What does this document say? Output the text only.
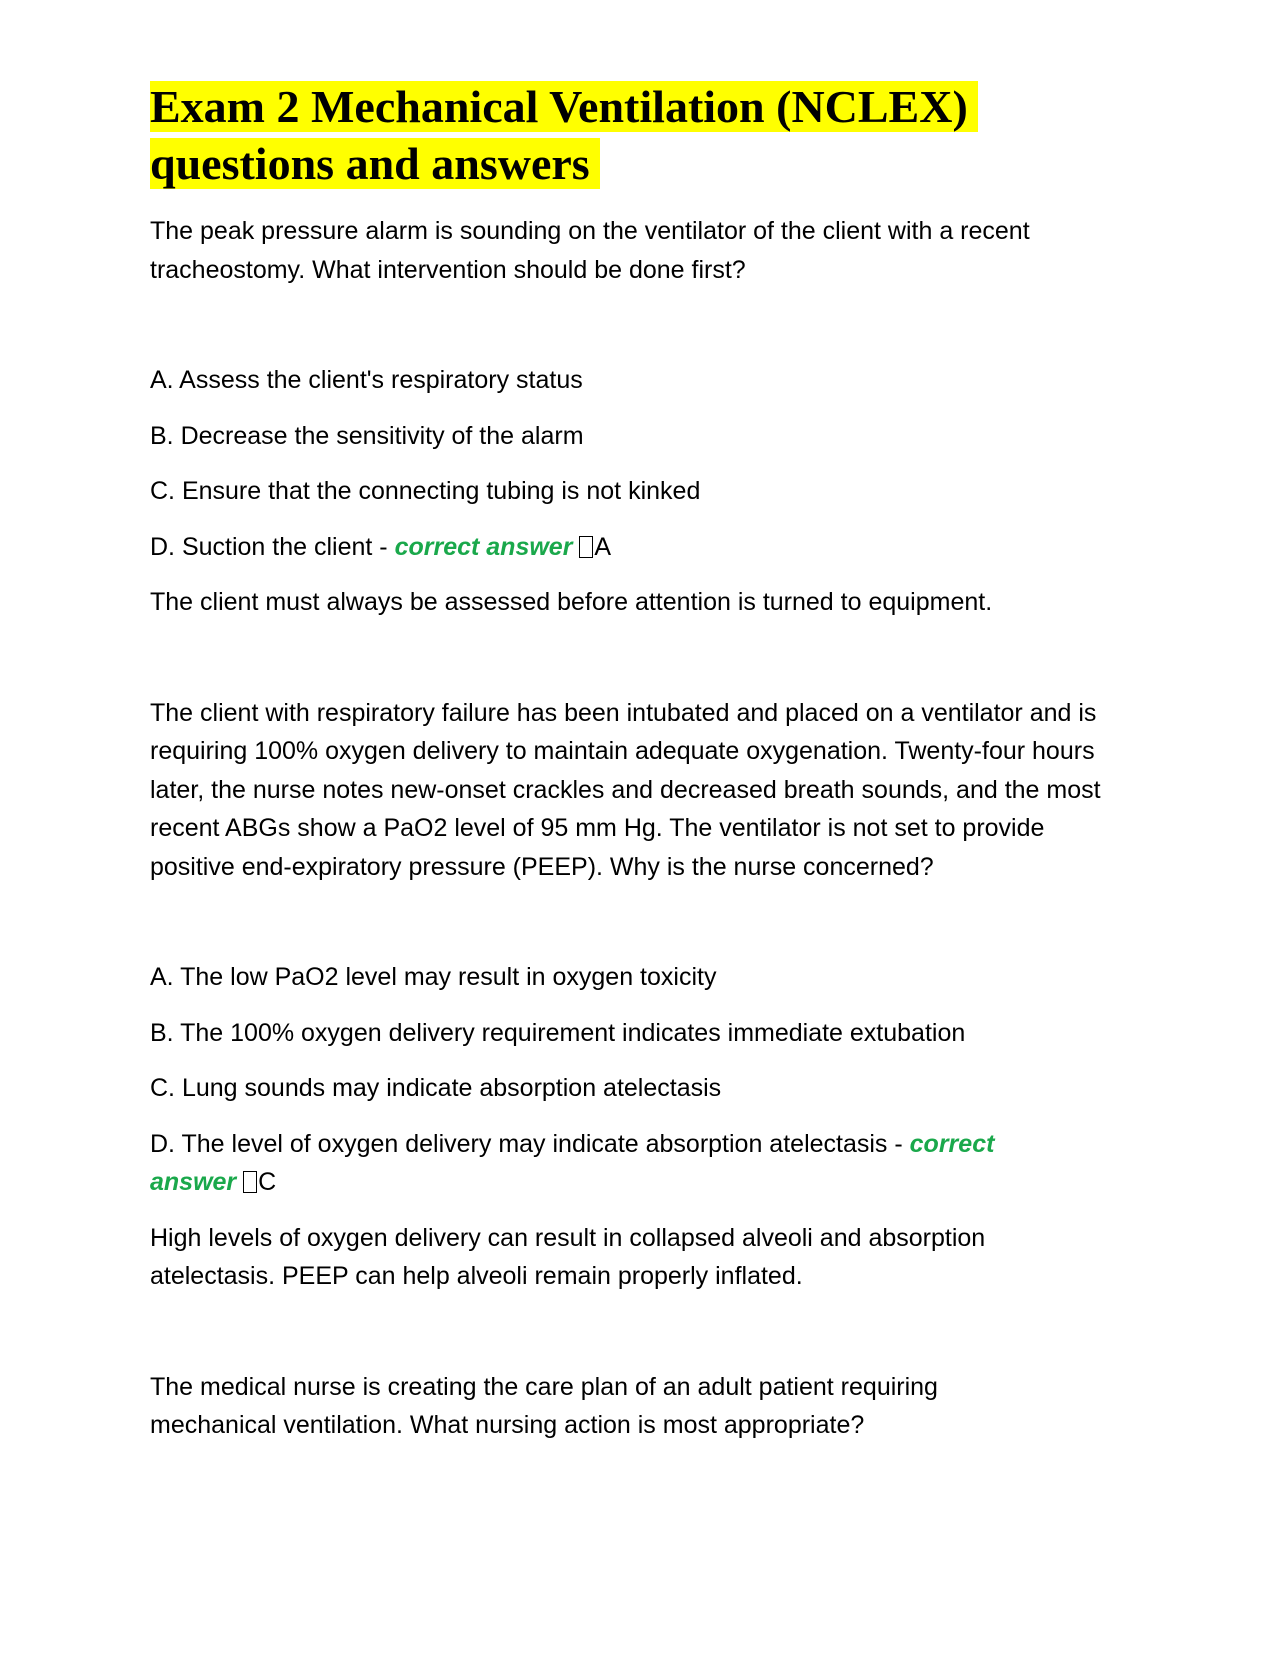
Exam 2 Mechanical Ventilation (NCLEX) questions and answers

The peak pressure alarm is sounding on the ventilator of the client with a recent tracheostomy. What intervention should be done first?

A. Assess the client's respiratory status

B. Decrease the sensitivity of the alarm

C. Ensure that the connecting tubing is not kinked

D. Suction the client - correct answer A

The client must always be assessed before attention is turned to equipment.

The client with respiratory failure has been intubated and placed on a ventilator and is requiring 100% oxygen delivery to maintain adequate oxygenation. Twenty-four hours later, the nurse notes new-onset crackles and decreased breath sounds, and the most recent ABGs show a PaO2 level of 95 mm Hg. The ventilator is not set to provide positive end-expiratory pressure (PEEP). Why is the nurse concerned?

A. The low PaO2 level may result in oxygen toxicity

B. The 100% oxygen delivery requirement indicates immediate extubation

C. Lung sounds may indicate absorption atelectasis

D. The level of oxygen delivery may indicate absorption atelectasis - correct answer C

High levels of oxygen delivery can result in collapsed alveoli and absorption atelectasis. PEEP can help alveoli remain properly inflated.

The medical nurse is creating the care plan of an adult patient requiring mechanical ventilation. What nursing action is most appropriate?
